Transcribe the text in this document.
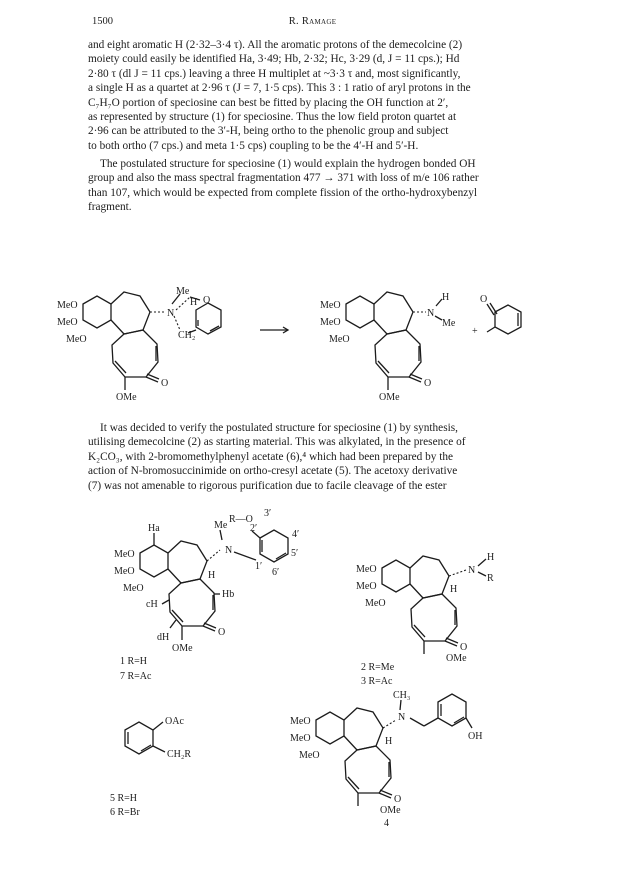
1500	R. Ramage
and eight aromatic H (2·32–3·4 τ). All the aromatic protons of the demecolcine (2)
moiety could easily be identified Ha, 3·49; Hb, 2·32; Hc, 3·29 (d, J = 11 cps.); Hd
2·80 τ (dl J = 11 cps.) leaving a three H multiplet at ~3·3 τ and, most significantly,
a single H as a quartet at 2·96 τ (J = 7, 1·5 cps). This 3 : 1 ratio of aryl protons in the
C₇H₇O portion of speciosine can best be fitted by placing the OH function at 2′,
as represented by structure (1) for speciosine. Thus the low field proton quartet at
2·96 can be attributed to the 3′-H, being ortho to the phenolic group and subject
to both ortho (7 cps.) and meta 1·5 cps) coupling to be the 4′-H and 5′-H.
The postulated structure for speciosine (1) would explain the hydrogen bonded OH
group and also the mass spectral fragmentation 477 → 371 with loss of m/e 106 rather
than 107, which would be expected from complete fission of the ortho-hydroxybenzyl
fragment.
It was decided to verify the postulated structure for speciosine (1) by synthesis,
utilising demecolcine (2) as starting material. This was alkylated, in the presence of
K₂CO₃, with 2-bromomethylphenyl acetate (6),⁴ which had been prepared by the
action of N-bromosuccinimide on ortho-cresyl acetate (5). The acetoxy derivative
(7) was not amenable to rigorous purification due to facile cleavage of the ester
MeO
MeO
MeO
Me
N
H O
CH₂
O
OMe
MeO
MeO
MeO
N
H
Me
O
OMe
O
+
Ha
MeO
MeO
MeO
Me
R—O
3′
2′
4′
1′
5′
6′
N
H
Hb
cH
dH	O
OMe
1 R=H
7 R=Ac
MeO
MeO
MeO
N
H
R
H
O
OMe
2 R=Me
3 R=Ac
OAc
CH₂R
5 R=H
6 R=Br
CH₃
MeO
MeO
MeO
N
H	OH
O
OMe
4
